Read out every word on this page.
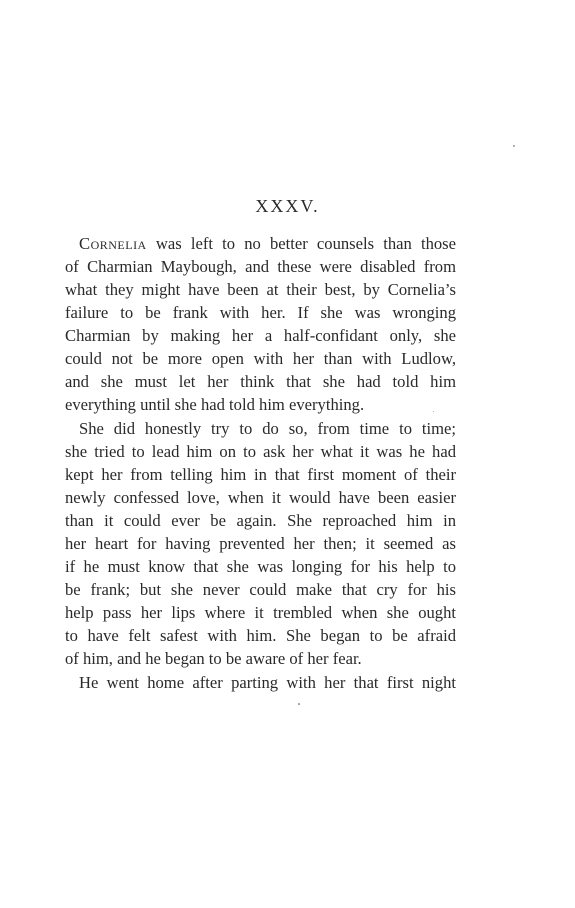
XXXV.
Cornelia was left to no better counsels than those
of Charmian Maybough, and these were disabled from
what they might have been at their best, by Cornelia’s
failure to be frank with her. If she was wronging
Charmian by making her a half-confidant only, she
could not be more open with her than with Ludlow,
and she must let her think that she had told him
everything until she had told him everything.
She did honestly try to do so, from time to time;
she tried to lead him on to ask her what it was he had
kept her from telling him in that first moment of their
newly confessed love, when it would have been easier
than it could ever be again. She reproached him in
her heart for having prevented her then; it seemed as
if he must know that she was longing for his help to
be frank; but she never could make that cry for his
help pass her lips where it trembled when she ought
to have felt safest with him. She began to be afraid
of him, and he began to be aware of her fear.
He went home after parting with her that first night
